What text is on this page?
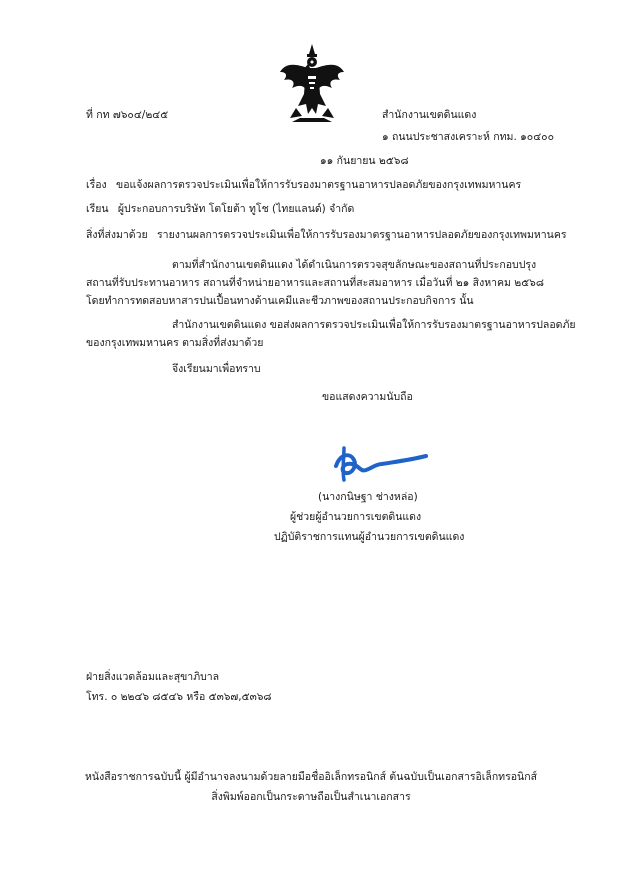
ที่ กท ๗๖๐๔/๒๔๕	สำนักงานเขตดินแดง
๑ ถนนประชาสงเคราะห์ กทม. ๑๐๔๐๐
๑๑ กันยายน ๒๕๖๘
เรื่อง ขอแจ้งผลการตรวจประเมินเพื่อให้การรับรองมาตรฐานอาหารปลอดภัยของกรุงเทพมหานคร
เรียน ผู้ประกอบการบริษัท โตโยต้า ทูโช (ไทยแลนด์) จำกัด
สิ่งที่ส่งมาด้วย รายงานผลการตรวจประเมินเพื่อให้การรับรองมาตรฐานอาหารปลอดภัยของกรุงเทพมหานคร
ตามที่สำนักงานเขตดินแดง ได้ดำเนินการตรวจสุขลักษณะของสถานที่ประกอบปรุง
สถานที่รับประทานอาหาร สถานที่จำหน่ายอาหารและสถานที่สะสมอาหาร เมื่อวันที่ ๒๑ สิงหาคม ๒๕๖๘
โดยทำการทดสอบหาสารปนเปื้อนทางด้านเคมีและชีวภาพของสถานประกอบกิจการ นั้น
สำนักงานเขตดินแดง ขอส่งผลการตรวจประเมินเพื่อให้การรับรองมาตรฐานอาหารปลอดภัย
ของกรุงเทพมหานคร ตามสิ่งที่ส่งมาด้วย
จึงเรียนมาเพื่อทราบ
ขอแสดงความนับถือ
(นางกนิษฐา ช่างหล่อ)
ผู้ช่วยผู้อำนวยการเขตดินแดง
ปฏิบัติราชการแทนผู้อำนวยการเขตดินแดง
ฝ่ายสิ่งแวดล้อมและสุขาภิบาล
โทร. ๐ ๒๒๔๖ ๘๕๔๖ หรือ ๕๓๖๗,๕๓๖๘
หนังสือราชการฉบับนี้ ผู้มีอำนาจลงนามด้วยลายมือชื่ออิเล็กทรอนิกส์ ต้นฉบับเป็นเอกสารอิเล็กทรอนิกส์
สิ่งพิมพ์ออกเป็นกระดาษถือเป็นสำเนาเอกสาร
